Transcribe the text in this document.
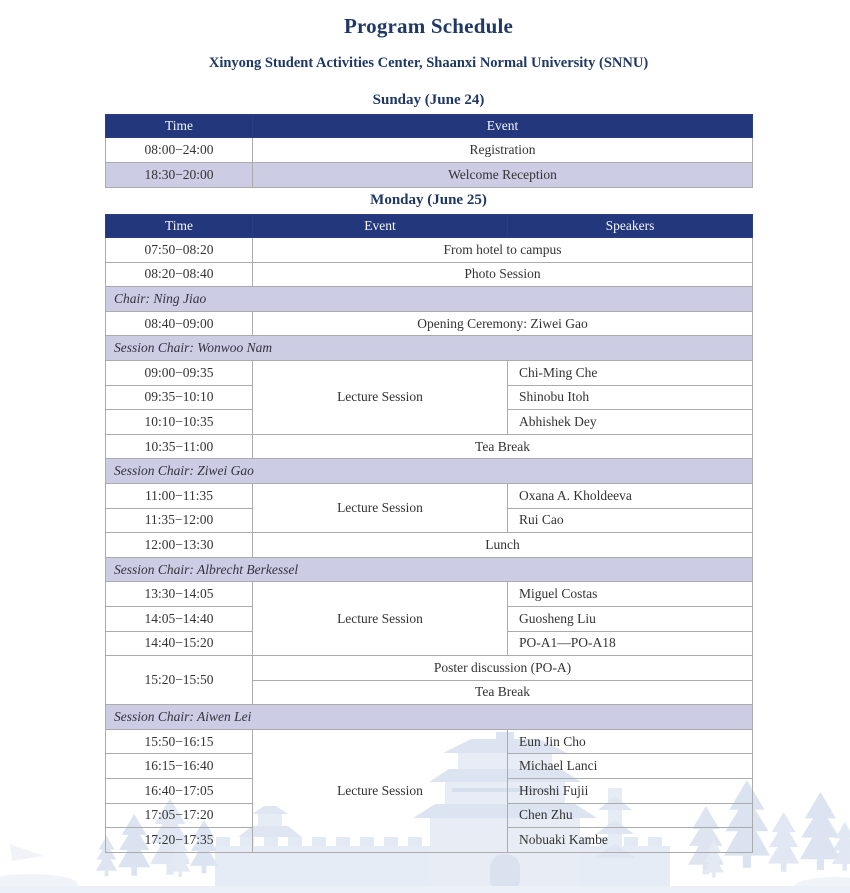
Program Schedule
Xinyong Student Activities Center, Shaanxi Normal University (SNNU)
Sunday (June 24)
Time	Event
08:00−24:00	Registration
18:30−20:00	Welcome Reception
Monday (June 25)
Time	Event	Speakers
07:50−08:20	From hotel to campus	
08:20−08:40	Photo Session	
Chair: Ning Jiao		
08:40−09:00	Opening Ceremony: Ziwei Gao	
Session Chair: Wonwoo Nam		
09:00−09:35	Lecture Session	Chi-Ming Che
09:35−10:10		Shinobu Itoh
10:10−10:35		Abhishek Dey
10:35−11:00	Tea Break	
Session Chair: Ziwei Gao		
11:00−11:35	Lecture Session	Oxana A. Kholdeeva
11:35−12:00		Rui Cao
12:00−13:30	Lunch	
Session Chair: Albrecht Berkessel		
13:30−14:05	Lecture Session	Miguel Costas
14:05−14:40		Guosheng Liu
14:40−15:20		PO-A1—PO-A18
15:20−15:50	Poster discussion (PO-A)	
	Tea Break	
Session Chair: Aiwen Lei		
15:50−16:15	Lecture Session	Eun Jin Cho
16:15−16:40		Michael Lanci
16:40−17:05		Hiroshi Fujii
17:05−17:20		Chen Zhu
17:20−17:35		Nobuaki Kambe
